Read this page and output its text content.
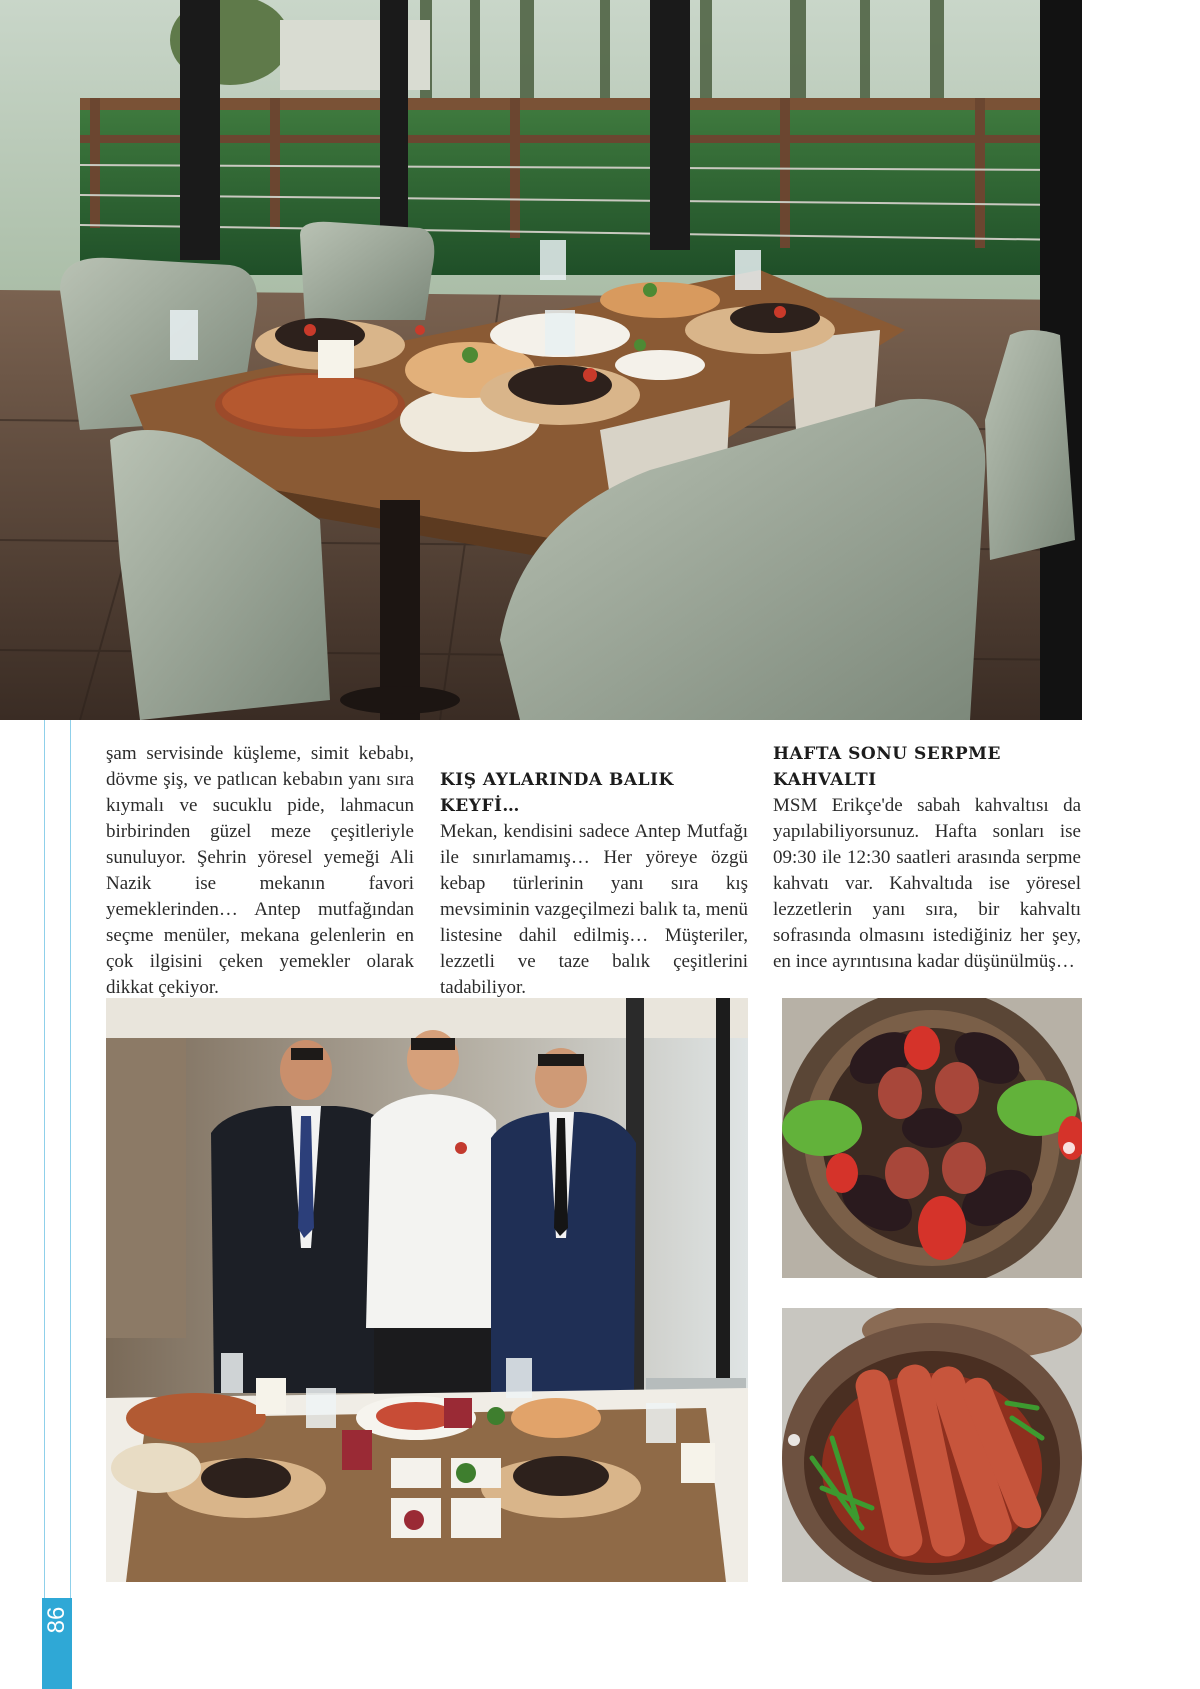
86

şam servisinde küşleme, simit kebabı, dövme şiş, ve patlıcan kebabın yanı sıra kıymalı ve sucuklu pide, lahmacun birbirinden güzel meze çeşitleriyle sunuluyor. Şehrin yöresel yemeği Ali Nazik ise mekanın favori yemeklerinden… Antep mutfağından seçme menüler, mekana gelenlerin en çok ilgisini çeken yemekler olarak dikkat çekiyor.

KIŞ AYLARINDA BALIK KEYFİ…

Mekan, kendisini sadece Antep Mutfağı ile sınırlamamış… Her yöreye özgü kebap türlerinin yanı sıra kış mevsiminin vazgeçilmezi balık ta, menü listesine dahil edilmiş… Müşteriler, lezzetli ve taze balık çeşitlerini tadabiliyor.

HAFTA SONU SERPME KAHVALTI

MSM Erikçe'de sabah kahvaltısı da yapılabiliyorsunuz. Hafta sonları ise 09:30 ile 12:30 saatleri arasında serpme kahvatı var. Kahvaltıda ise yöresel lezzetlerin yanı sıra, bir kahvaltı sofrasında olmasını istediğiniz her şey, en ince ayrıntısına kadar düşünülmüş…
